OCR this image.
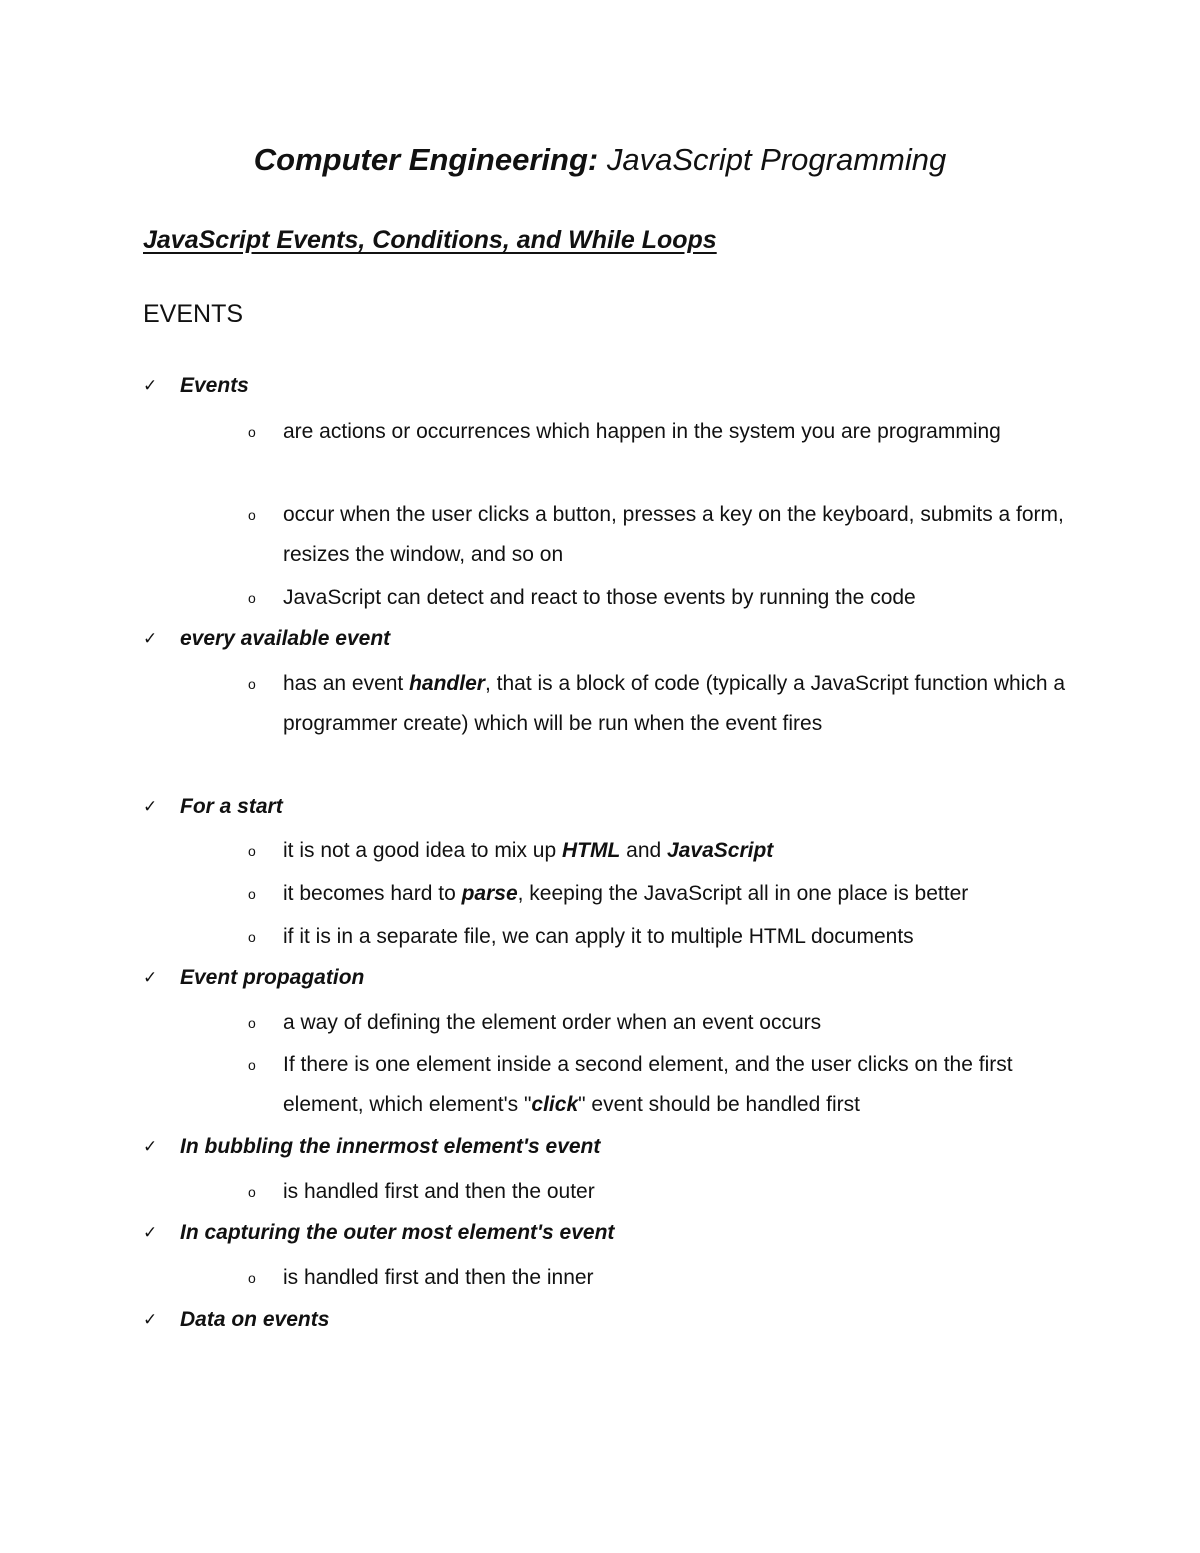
Computer Engineering: JavaScript Programming
JavaScript Events, Conditions, and While Loops
EVENTS
✓ Events
o are actions or occurrences which happen in the system you are programming
o occur when the user clicks a button, presses a key on the keyboard, submits a form, resizes the window, and so on
o JavaScript can detect and react to those events by running the code
✓ every available event
o has an event handler, that is a block of code (typically a JavaScript function which a programmer create) which will be run when the event fires
✓ For a start
o it is not a good idea to mix up HTML and JavaScript
o it becomes hard to parse, keeping the JavaScript all in one place is better
o if it is in a separate file, we can apply it to multiple HTML documents
✓ Event propagation
o a way of defining the element order when an event occurs
o If there is one element inside a second element, and the user clicks on the first element, which element's "click" event should be handled first
✓ In bubbling the innermost element's event
o is handled first and then the outer
✓ In capturing the outer most element's event
o is handled first and then the inner
✓ Data on events
